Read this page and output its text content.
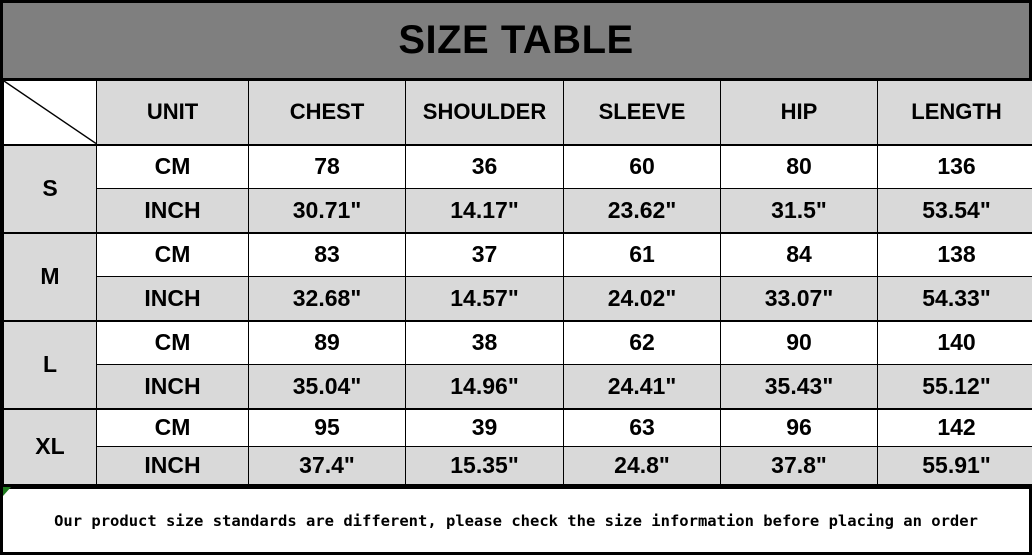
SIZE TABLE
	UNIT	CHEST	SHOULDER	SLEEVE	HIP	LENGTH
S	CM	78	36	60	80	136
	INCH	30.71"	14.17"	23.62"	31.5"	53.54"
M	CM	83	37	61	84	138
	INCH	32.68"	14.57"	24.02"	33.07"	54.33"
L	CM	89	38	62	90	140
	INCH	35.04"	14.96"	24.41"	35.43"	55.12"
XL	CM	95	39	63	96	142
	INCH	37.4"	15.35"	24.8"	37.8"	55.91"
Our product size standards are different, please check the size information before placing an order
